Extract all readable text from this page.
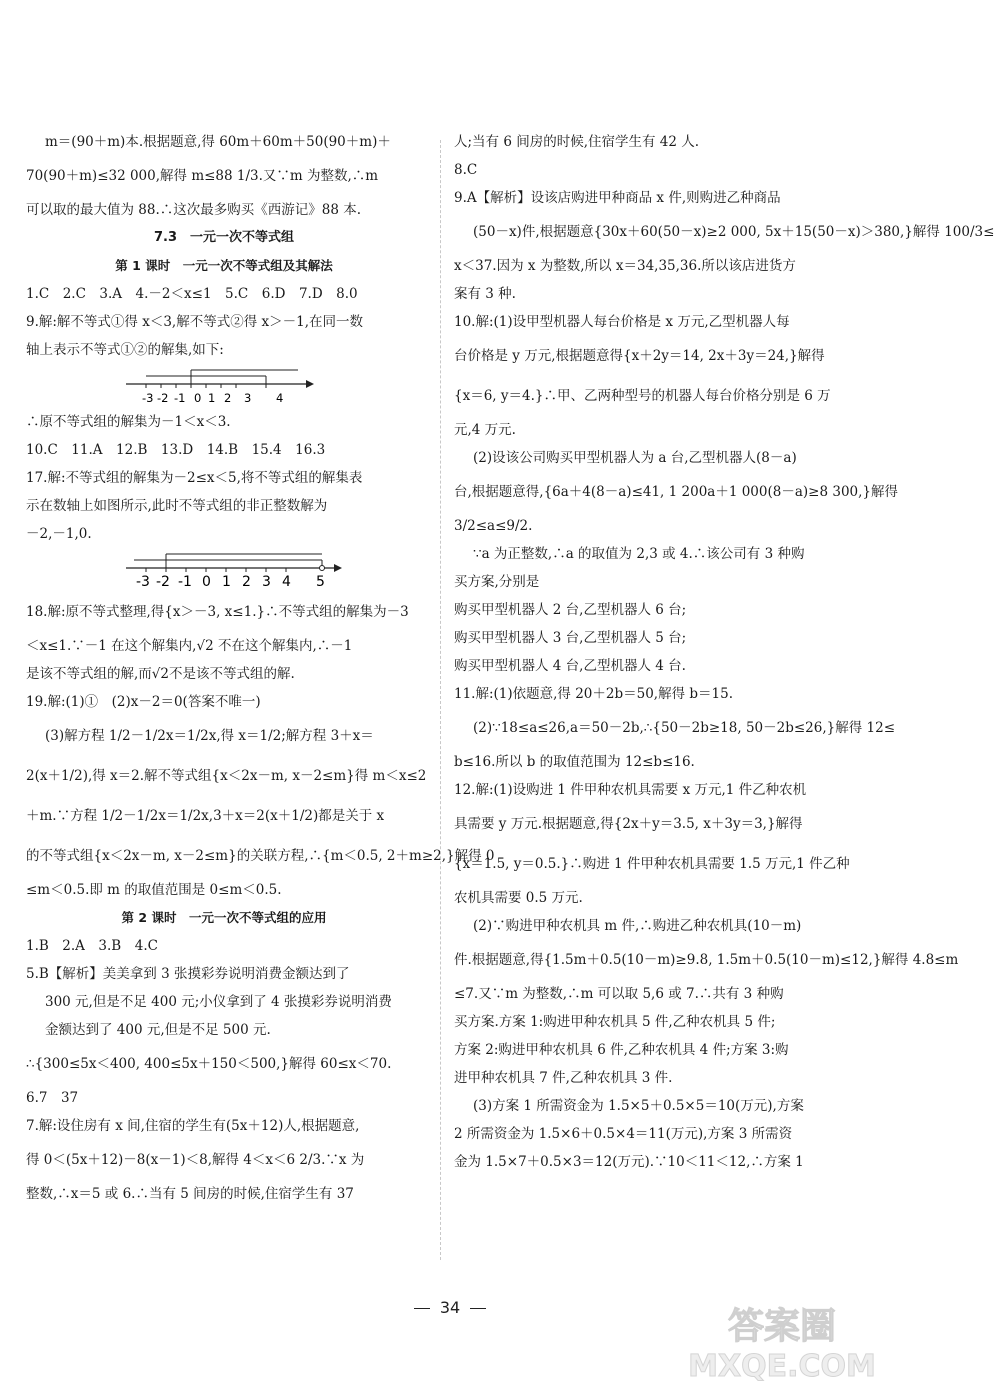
m＝(90＋m)本.根据题意,得 60m＋60m＋50(90＋m)＋
70(90＋m)≤32 000,解得 m≤88 1/3.又∵m 为整数,∴m
可以取的最大值为 88.∴这次最多购买《西游记》88 本.
7.3　一元一次不等式组
第 1 课时　一元一次不等式组及其解法
1.C　2.C　3.A　4.－2＜x≤1　5.C　6.D　7.D　8.0
9.解:解不等式①得 x＜3,解不等式②得 x＞－1,在同一数
轴上表示不等式①②的解集,如下:
-3 -2 -1 0 1 2 3 4
∴原不等式组的解集为－1＜x＜3.
10.C　11.A　12.B　13.D　14.B　15.4　16.3
17.解:不等式组的解集为－2≤x＜5,将不等式组的解集表
示在数轴上如图所示,此时不等式组的非正整数解为
－2,－1,0.
-3 -2 -1 0 1 2 3 4 5
18.解:原不等式整理,得{x＞－3, x≤1.}∴不等式组的解集为－3
＜x≤1.∵－1 在这个解集内,√2 不在这个解集内,∴－1
是该不等式组的解,而√2不是该不等式组的解.
19.解:(1)①　(2)x－2＝0(答案不唯一)
(3)解方程 1/2－1/2x＝1/2x,得 x＝1/2;解方程 3＋x＝
2(x＋1/2),得 x＝2.解不等式组{x＜2x－m, x－2≤m}得 m＜x≤2
＋m.∵方程 1/2－1/2x＝1/2x,3＋x＝2(x＋1/2)都是关于 x
的不等式组{x＜2x－m, x－2≤m}的关联方程,∴{m＜0.5, 2＋m≥2,}解得 0
≤m＜0.5.即 m 的取值范围是 0≤m＜0.5.
第 2 课时　一元一次不等式组的应用
1.B　2.A　3.B　4.C
5.B【解析】美美拿到 3 张摸彩券说明消费金额达到了
300 元,但是不足 400 元;小仪拿到了 4 张摸彩券说明消费
金额达到了 400 元,但是不足 500 元.
∴{300≤5x＜400, 400≤5x＋150＜500,}解得 60≤x＜70.
6.7　37
7.解:设住房有 x 间,住宿的学生有(5x＋12)人,根据题意,
得 0＜(5x＋12)－8(x－1)＜8,解得 4＜x＜6 2/3.∵x 为
整数,∴x＝5 或 6.∴当有 5 间房的时候,住宿学生有 37
人;当有 6 间房的时候,住宿学生有 42 人.
8.C
9.A【解析】设该店购进甲种商品 x 件,则购进乙种商品
(50－x)件,根据题意{30x＋60(50－x)≥2 000, 5x＋15(50－x)＞380,}解得 100/3≤
x＜37.因为 x 为整数,所以 x＝34,35,36.所以该店进货方
案有 3 种.
10.解:(1)设甲型机器人每台价格是 x 万元,乙型机器人每
台价格是 y 万元,根据题意得{x＋2y＝14, 2x＋3y＝24,}解得
{x＝6, y＝4.}∴甲、乙两种型号的机器人每台价格分别是 6 万
元,4 万元.
(2)设该公司购买甲型机器人为 a 台,乙型机器人(8－a)
台,根据题意得,{6a＋4(8－a)≤41, 1 200a＋1 000(8－a)≥8 300,}解得
3/2≤a≤9/2.
∵a 为正整数,∴a 的取值为 2,3 或 4.∴该公司有 3 种购
买方案,分别是
购买甲型机器人 2 台,乙型机器人 6 台;
购买甲型机器人 3 台,乙型机器人 5 台;
购买甲型机器人 4 台,乙型机器人 4 台.
11.解:(1)依题意,得 20＋2b＝50,解得 b＝15.
(2)∵18≤a≤26,a＝50－2b,∴{50－2b≥18, 50－2b≤26,}解得 12≤
b≤16.所以 b 的取值范围为 12≤b≤16.
12.解:(1)设购进 1 件甲种农机具需要 x 万元,1 件乙种农机
具需要 y 万元.根据题意,得{2x＋y＝3.5, x＋3y＝3,}解得
{x＝1.5, y＝0.5.}∴购进 1 件甲种农机具需要 1.5 万元,1 件乙种
农机具需要 0.5 万元.
(2)∵购进甲种农机具 m 件,∴购进乙种农机具(10－m)
件.根据题意,得{1.5m＋0.5(10－m)≥9.8, 1.5m＋0.5(10－m)≤12,}解得 4.8≤m
≤7.又∵m 为整数,∴m 可以取 5,6 或 7.∴共有 3 种购
买方案.方案 1:购进甲种农机具 5 件,乙种农机具 5 件;
方案 2:购进甲种农机具 6 件,乙种农机具 4 件;方案 3:购
进甲种农机具 7 件,乙种农机具 3 件.
(3)方案 1 所需资金为 1.5×5＋0.5×5＝10(万元),方案
2 所需资金为 1.5×6＋0.5×4＝11(万元),方案 3 所需资
金为 1.5×7＋0.5×3＝12(万元).∵10＜11＜12,∴方案 1
34	答案圈
MXQE.COM
